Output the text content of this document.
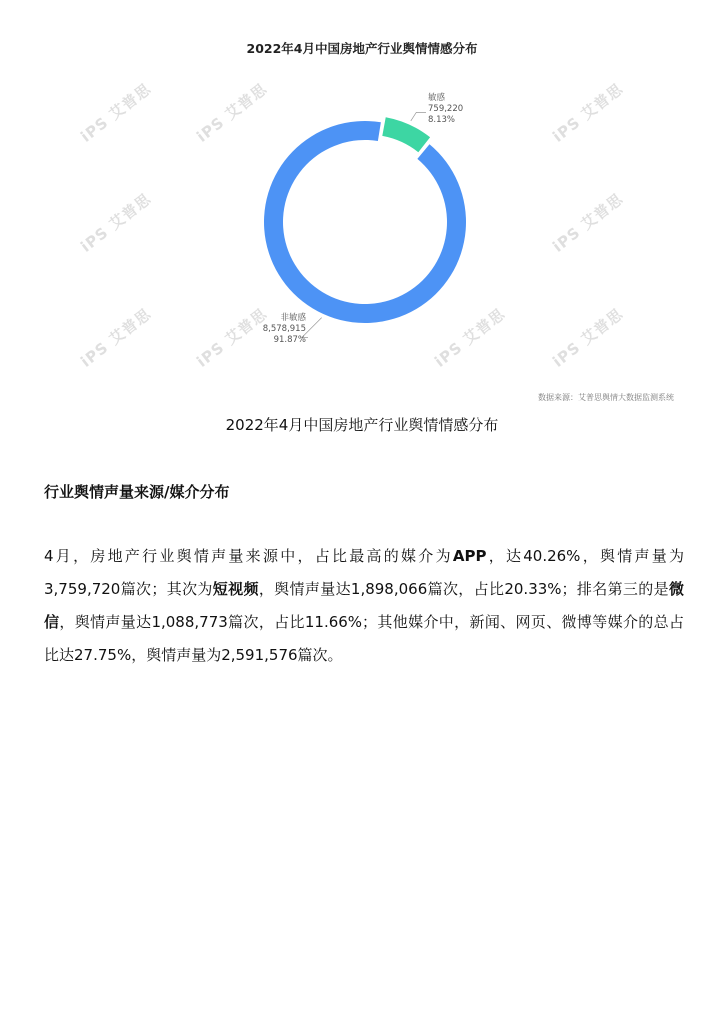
iPS 艾普思
iPS 艾普思
iPS 艾普思
iPS 艾普思
iPS 艾普思
iPS 艾普思
iPS 艾普思
iPS 艾普思
iPS 艾普思
2022年4月中国房地产行业舆情情感分布
敏感
759,220
8.13%
非敏感
8,578,915
91.87%
数据来源：艾普思舆情大数据监测系统
2022年4月中国房地产行业舆情情感分布
行业舆情声量来源/媒介分布
4月，房地产行业舆情声量来源中，占比最高的媒介为APP，达40.26%，舆情声量为3,759,720篇次；其次为短视频，舆情声量达1,898,066篇次，占比20.33%；排名第三的是微信，舆情声量达1,088,773篇次，占比11.66%；其他媒介中，新闻、网页、微博等媒介的总占比达27.75%，舆情声量为2,591,576篇次。
